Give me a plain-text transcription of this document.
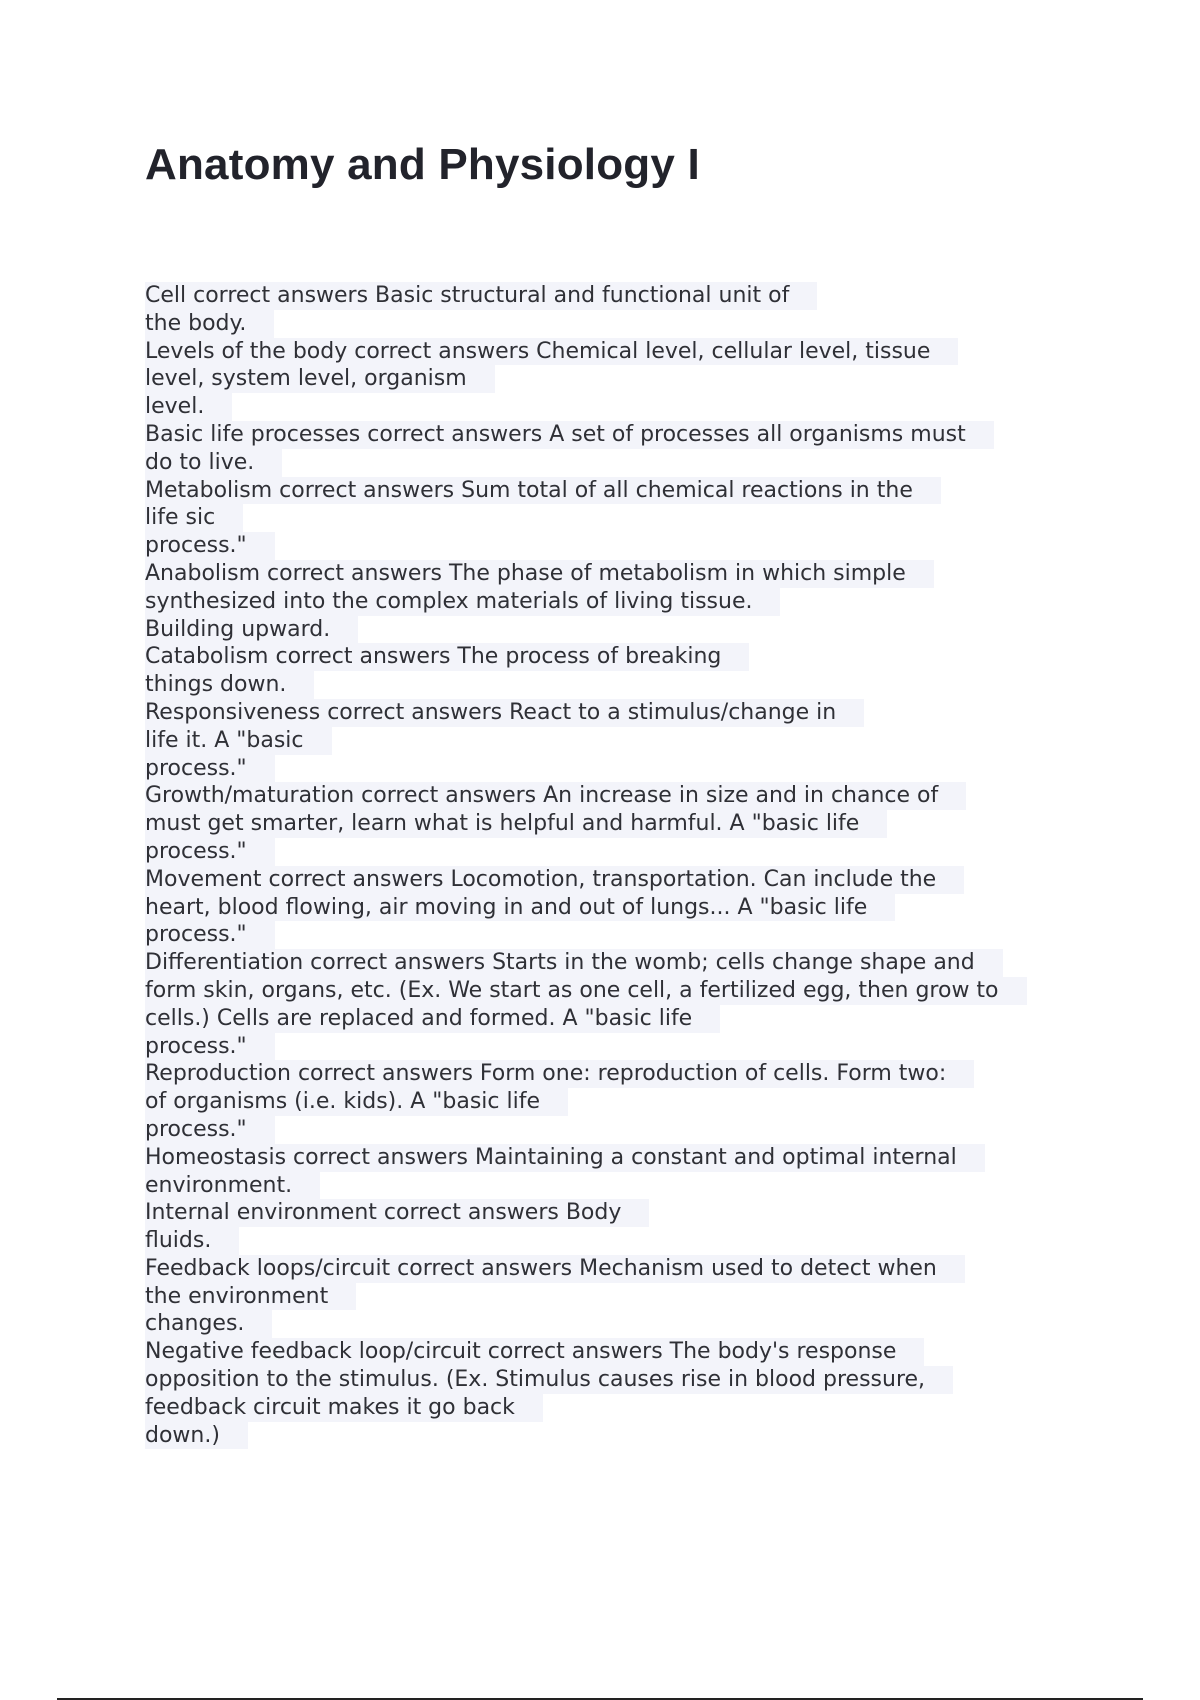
Anatomy and Physiology I
Cell correct answers Basic structural and functional unit of
the body.
Levels of the body correct answers Chemical level, cellular level, tissue
level, system level, organism
level.
Basic life processes correct answers A set of processes all organisms must
do to live.
Metabolism correct answers Sum total of all chemical reactions in the
life sic
process."
Anabolism correct answers The phase of metabolism in which simple
synthesized into the complex materials of living tissue.
Building upward.
Catabolism correct answers The process of breaking
things down.
Responsiveness correct answers React to a stimulus/change in
life it. A "basic
process."
Growth/maturation correct answers An increase in size and in chance of
must get smarter, learn what is helpful and harmful. A "basic life
process."
Movement correct answers Locomotion, transportation. Can include the
heart, blood flowing, air moving in and out of lungs... A "basic life
process."
Differentiation correct answers Starts in the womb; cells change shape and
form skin, organs, etc. (Ex. We start as one cell, a fertilized egg, then grow to
cells.) Cells are replaced and formed. A "basic life
process."
Reproduction correct answers Form one: reproduction of cells. Form two:
of organisms (i.e. kids). A "basic life
process."
Homeostasis correct answers Maintaining a constant and optimal internal
environment.
Internal environment correct answers Body
fluids.
Feedback loops/circuit correct answers Mechanism used to detect when
the environment
changes.
Negative feedback loop/circuit correct answers The body's response
opposition to the stimulus. (Ex. Stimulus causes rise in blood pressure,
feedback circuit makes it go back
down.)
